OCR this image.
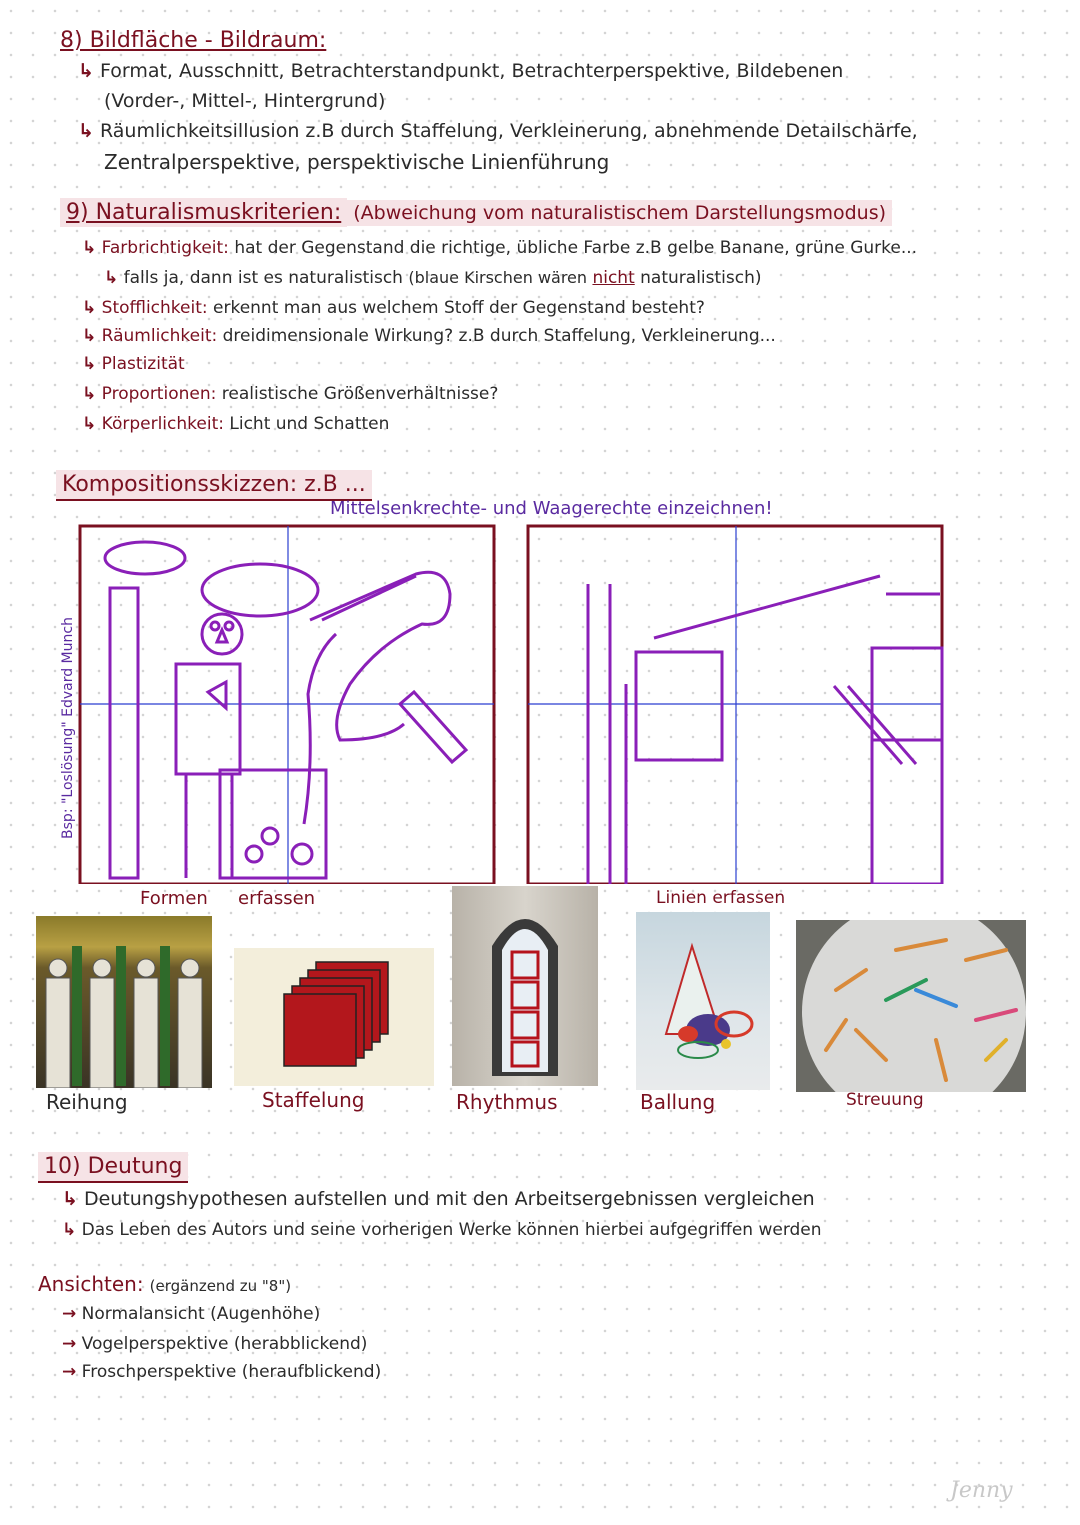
8) Bildfläche - Bildraum:
↳ Format, Ausschnitt, Betrachterstandpunkt, Betrachterperspektive, Bildebenen
(Vorder-, Mittel-, Hintergrund)
↳ Räumlichkeitsillusion z.B durch Staffelung, Verkleinerung, abnehmende Detailschärfe,
Zentralperspektive, perspektivische Linienführung
9) Naturalismuskriterien: (Abweichung vom naturalistischem Darstellungsmodus)
↳ Farbrichtigkeit: hat der Gegenstand die richtige, übliche Farbe z.B gelbe Banane, grüne Gurke...
↳ falls ja, dann ist es naturalistisch (blaue Kirschen wären nicht naturalistisch)
↳ Stofflichkeit: erkennt man aus welchem Stoff der Gegenstand besteht?
↳ Räumlichkeit: dreidimensionale Wirkung? z.B durch Staffelung, Verkleinerung...
↳ Plastizität
↳ Proportionen: realistische Größenverhältnisse?
↳ Körperlichkeit: Licht und Schatten
Kompositionsskizzen: z.B ...
Mittelsenkrechte- und Waagerechte einzeichnen!
Bsp: "Loslösung" Edvard Munch
Formen erfassen	Linien erfassen
Reihung	Staffelung	Rhythmus	Ballung	Streuung
10) Deutung
↳ Deutungshypothesen aufstellen und mit den Arbeitsergebnissen vergleichen
↳ Das Leben des Autors und seine vorherigen Werke können hierbei aufgegriffen werden
Ansichten: (ergänzend zu "8")
→ Normalansicht (Augenhöhe)
→ Vogelperspektive (herabblickend)
→ Froschperspektive (heraufblickend)
Jenny
